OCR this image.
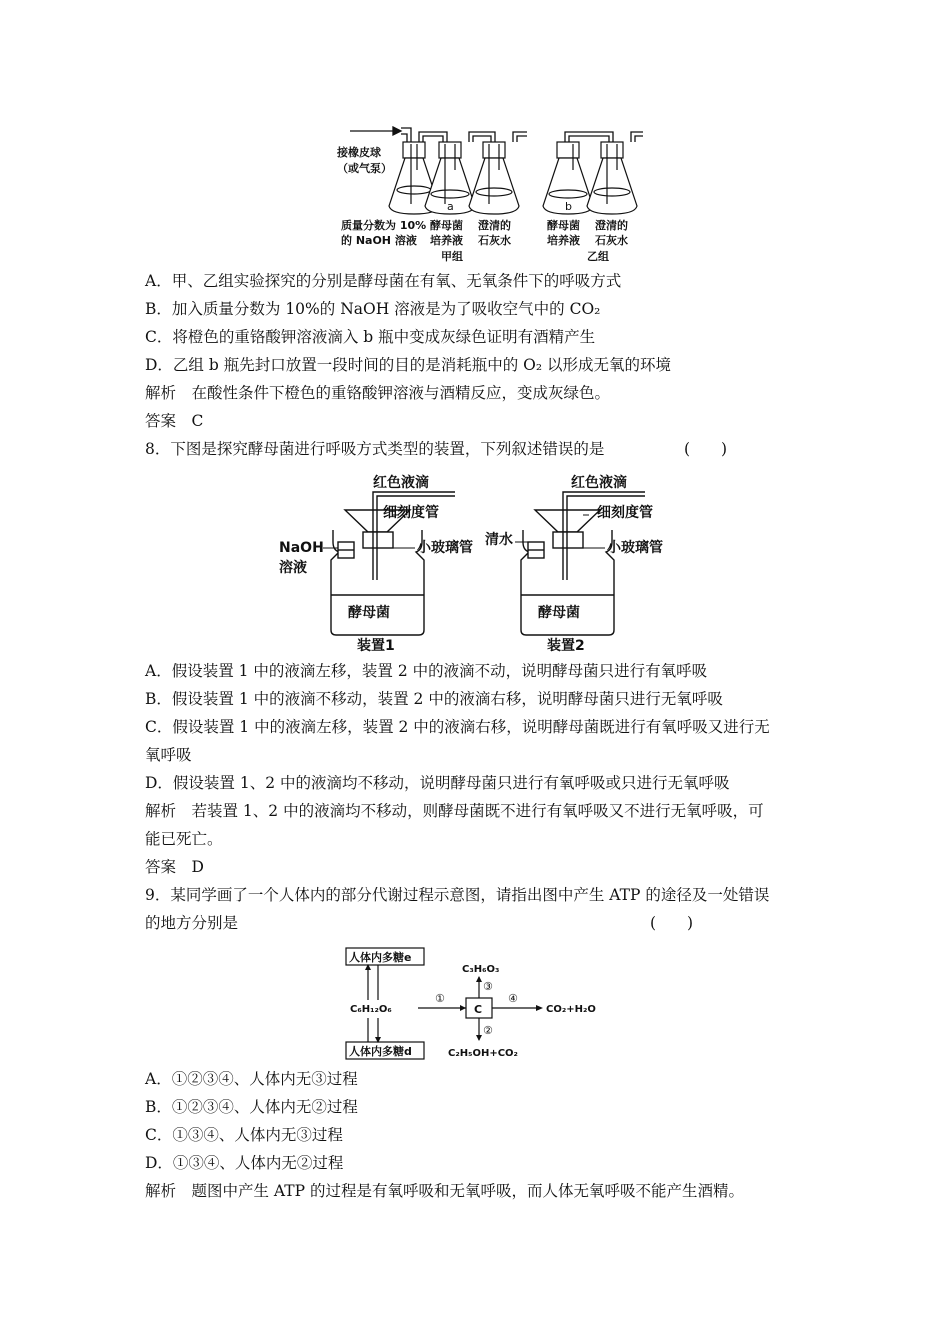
a	b
接橡皮球
（或气泵）
质量分数为 10%
的 NaOH 溶液
酵母菌
培养液
澄清的
石灰水
酵母菌
培养液
澄清的
石灰水
甲组	乙组
A．甲、乙组实验探究的分别是酵母菌在有氧、无氧条件下的呼吸方式
B．加入质量分数为 10%的 NaOH 溶液是为了吸收空气中的 CO₂
C．将橙色的重铬酸钾溶液滴入 b 瓶中变成灰绿色证明有酒精产生
D．乙组 b 瓶先封口放置一段时间的目的是消耗瓶中的 O₂ 以形成无氧的环境
解析　在酸性条件下橙色的重铬酸钾溶液与酒精反应，变成灰绿色。
答案　C
8．下图是探究酵母菌进行呼吸方式类型的装置，下列叙述错误的是	(　　)
红色液滴
细刻度管
小玻璃管
NaOH
溶液
酵母菌
装置1
红色液滴
细刻度管
小玻璃管
清水
酵母菌
装置2
A．假设装置 1 中的液滴左移，装置 2 中的液滴不动，说明酵母菌只进行有氧呼吸
B．假设装置 1 中的液滴不移动，装置 2 中的液滴右移，说明酵母菌只进行无氧呼吸
C．假设装置 1 中的液滴左移，装置 2 中的液滴右移，说明酵母菌既进行有氧呼吸又进行无
氧呼吸
D．假设装置 1、2 中的液滴均不移动，说明酵母菌只进行有氧呼吸或只进行无氧呼吸
解析　若装置 1、2 中的液滴均不移动，则酵母菌既不进行有氧呼吸又不进行无氧呼吸，可
能已死亡。
答案　D
9．某同学画了一个人体内的部分代谢过程示意图，请指出图中产生 ATP 的途径及一处错误
的地方分别是	(　　)
人体内多糖e
人体内多糖d
C₆H₁₂O₆	C
C₃H₆O₃
CO₂+H₂O
C₂H₅OH+CO₂
①
②
③
④
A．①②③④、人体内无③过程
B．①②③④、人体内无②过程
C．①③④、人体内无③过程
D．①③④、人体内无②过程
解析　题图中产生 ATP 的过程是有氧呼吸和无氧呼吸，而人体无氧呼吸不能产生酒精。
